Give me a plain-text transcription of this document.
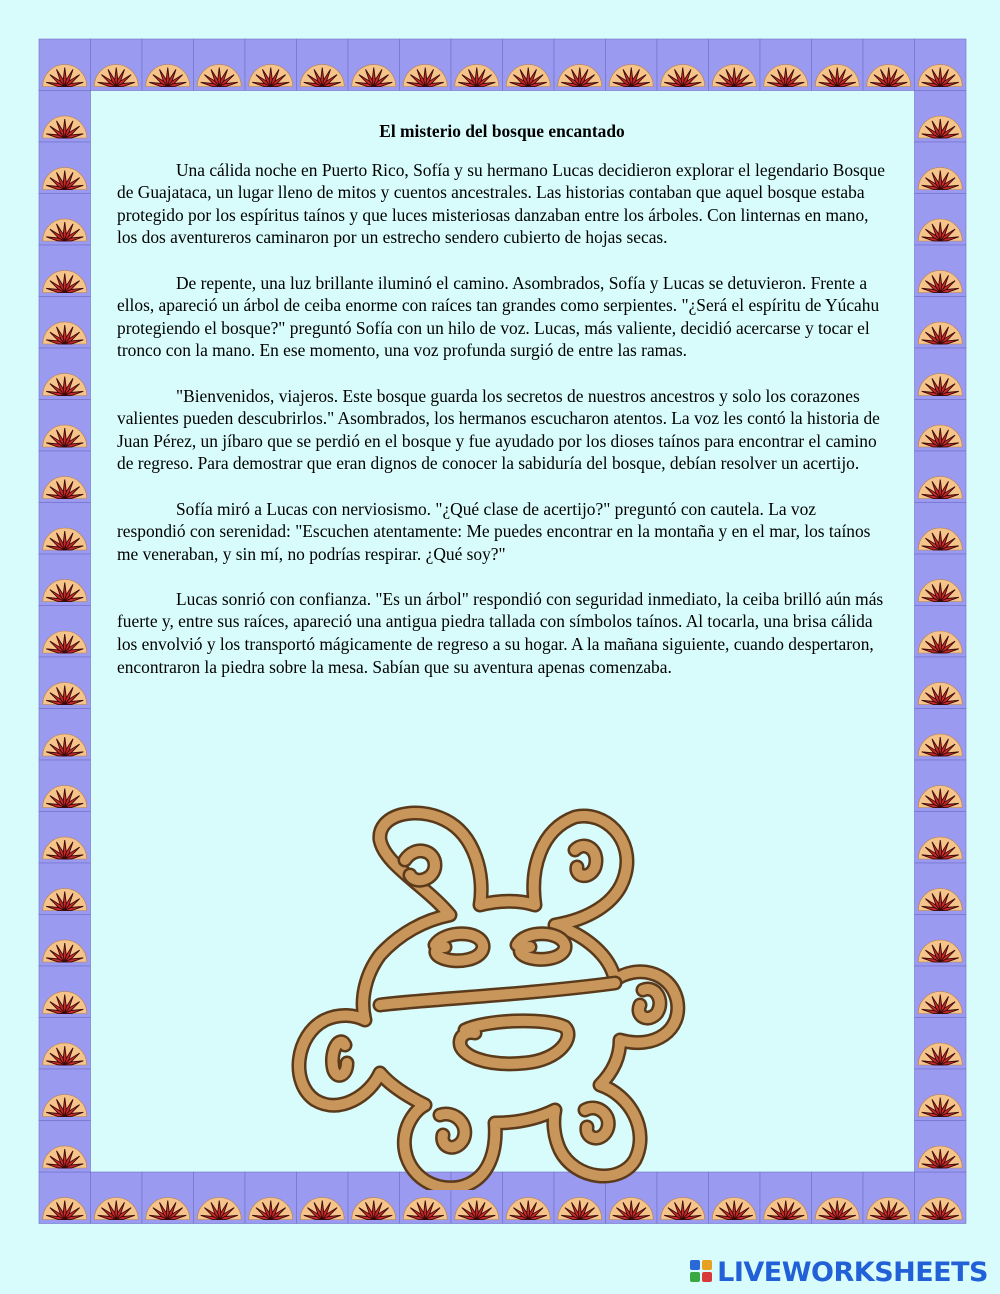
El misterio del bosque encantado

Una cálida noche en Puerto Rico, Sofía y su hermano Lucas decidieron explorar el legendario Bosque de Guajataca, un lugar lleno de mitos y cuentos ancestrales. Las historias contaban que aquel bosque estaba protegido por los espíritus taínos y que luces misteriosas danzaban entre los árboles. Con linternas en mano, los dos aventureros caminaron por un estrecho sendero cubierto de hojas secas.

De repente, una luz brillante iluminó el camino. Asombrados, Sofía y Lucas se detuvieron. Frente a ellos, apareció un árbol de ceiba enorme con raíces tan grandes como serpientes. "¿Será el espíritu de Yúcahu protegiendo el bosque?" preguntó Sofía con un hilo de voz. Lucas, más valiente, decidió acercarse y tocar el tronco con la mano. En ese momento, una voz profunda surgió de entre las ramas.

"Bienvenidos, viajeros. Este bosque guarda los secretos de nuestros ancestros y solo los corazones valientes pueden descubrirlos." Asombrados, los hermanos escucharon atentos. La voz les contó la historia de Juan Pérez, un jíbaro que se perdió en el bosque y fue ayudado por los dioses taínos para encontrar el camino de regreso. Para demostrar que eran dignos de conocer la sabiduría del bosque, debían resolver un acertijo.

Sofía miró a Lucas con nerviosismo. "¿Qué clase de acertijo?" preguntó con cautela. La voz respondió con serenidad: "Escuchen atentamente: Me puedes encontrar en la montaña y en el mar, los taínos me veneraban, y sin mí, no podrías respirar. ¿Qué soy?"

Lucas sonrió con confianza. "Es un árbol" respondió con seguridad inmediato, la ceiba brilló aún más fuerte y, entre sus raíces, apareció una antigua piedra tallada con símbolos taínos. Al tocarla, una brisa cálida los envolvió y los transportó mágicamente de regreso a su hogar. A la mañana siguiente, cuando despertaron, encontraron la piedra sobre la mesa. Sabían que su aventura apenas comenzaba.

LIVEWORKSHEETS
